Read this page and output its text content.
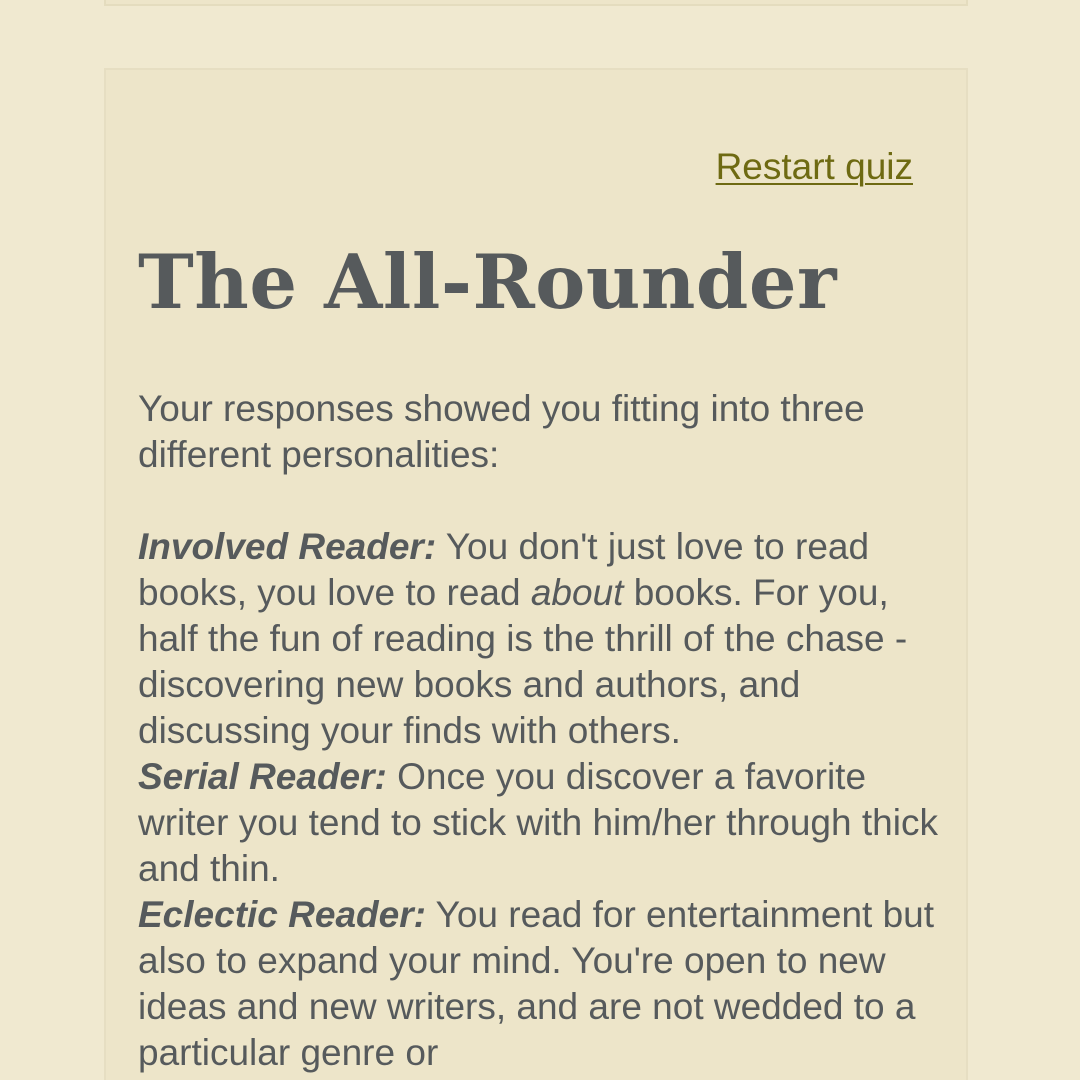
Restart quiz
The All-Rounder

Your responses showed you fitting into three different personalities:

Involved Reader: You don't just love to read books, you love to read about books. For you, half the fun of reading is the thrill of the chase - discovering new books and authors, and discussing your finds with others.

Serial Reader: Once you discover a favorite writer you tend to stick with him/her through thick and thin.

Eclectic Reader: You read for entertainment but also to expand your mind. You're open to new ideas and new writers, and are not wedded to a particular genre or
